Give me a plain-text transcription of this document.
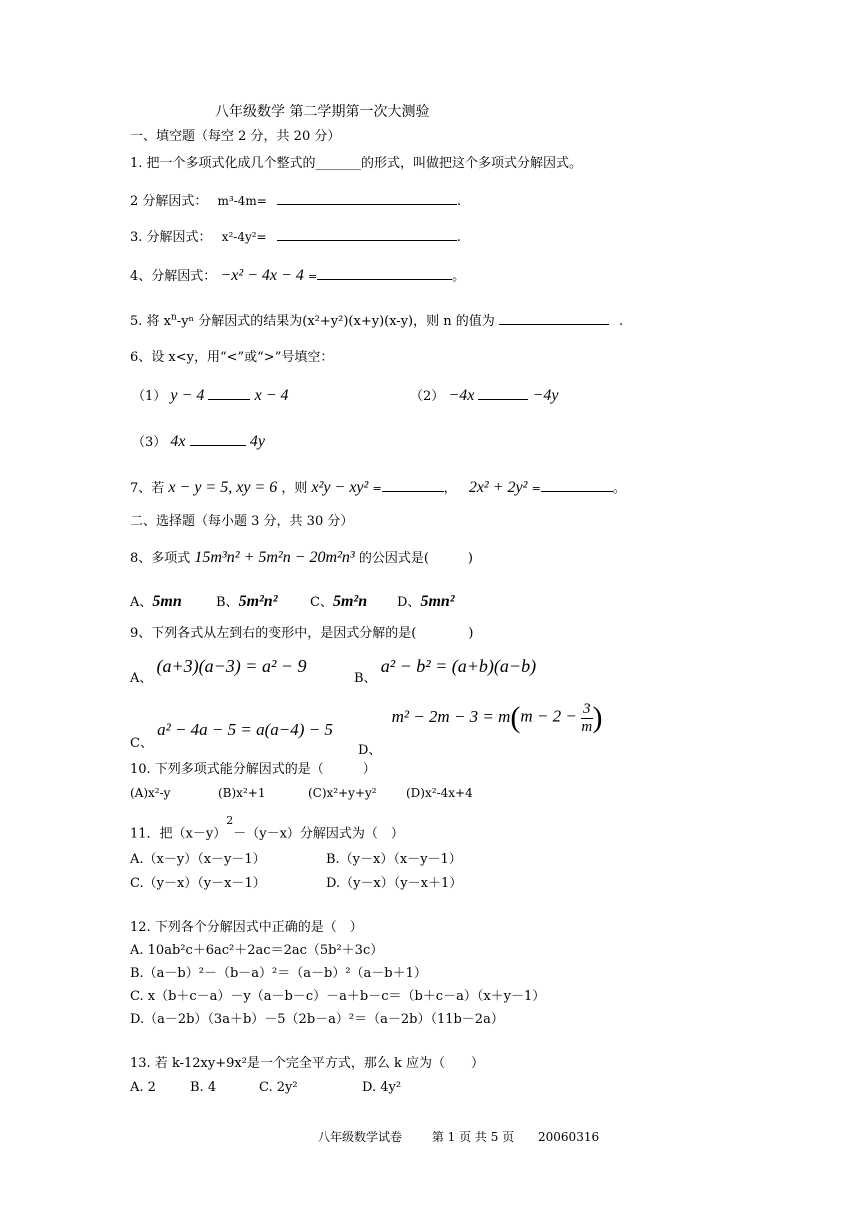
八年级数学 第二学期第一次大测验
一、填空题（每空 2 分，共 20 分）
1. 把一个多项式化成几个整式的_______的形式，叫做把这个多项式分解因式。
2 分解因式： m³-4m=	.
3. 分解因式： x²-4y²=	.
4、分解因式： −x² − 4x − 4 =	。
5. 将 $x^n-y^n$ 分解因式的结果为(x²+y²)(x+y)(x-y)，则 n 的值为	.
6、设 x<y，用“<”或“>”号填空：
（1） y − 4	x − 4	（2） −4x	−4y
（3） 4x	4y
7、若 x − y = 5, xy = 6 ，则 x²y − xy² =	， 2x² + 2y² =	。
二、选择题（每小题 3 分，共 30 分）
8、多项式 15m³n² + 5m²n − 20m²n³ 的公因式是(　　　)
A、5mn	B、5m²n²	C、5m²n D、5mn²
9、下列各式从左到右的变形中，是因式分解的是(　　　　)
A、 (a+3)(a−3) = a² − 9
B、 a² − b² = (a+b)(a−b)
C、 a² − 4a − 5 = a(a−4) − 5
D、 $m^2 - 2m - 3 = m(m - 2 - \frac{3}{m}$ )
10. 下列多项式能分解因式的是（　　　）
(A)x²-y	(B)x²+1	(C)x²+y+y² (D)x²-4x+4
11．把$(x-y)^2-(y-x)$分解因式为（　）
A.（x－y）（x－y－1）	B.（y－x）（x－y－1）
C.（y－x）（y－x－1）	D.（y－x）（y－x＋1）
12. 下列各个分解因式中正确的是（　）
A. 10ab²c＋6ac²＋2ac＝2ac（5b²＋3c）
B.（a－b）²－（b－a）²＝（a－b）²（a－b＋1）
C. x（b＋c－a）－y（a－b－c）－a＋b－c＝（b＋c－a）（x＋y－1）
D.（a－2b）（3a＋b）－5（2b－a）²＝（a－2b）（11b－2a）
13. 若 k-12xy+9x²是一个完全平方式，那么 k 应为（　　）
A. 2	B. 4	C. 2y²	D. 4y²
八年级数学试卷 第 1 页 共 5 页 20060316
